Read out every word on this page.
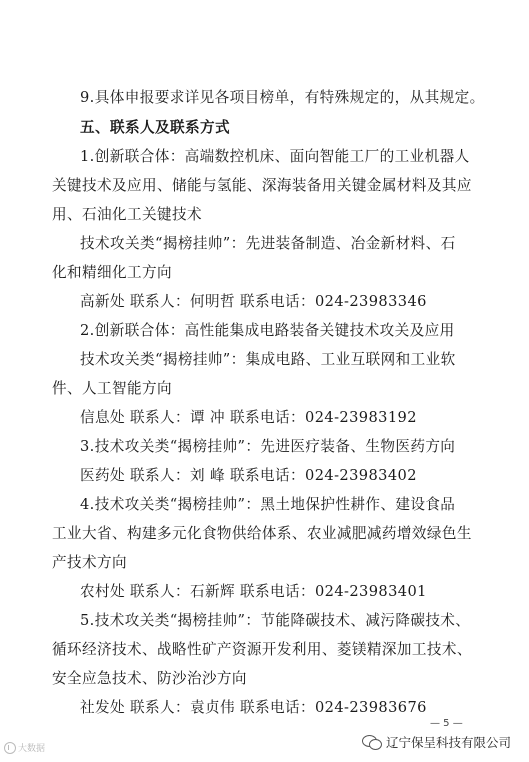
9.具体申报要求详见各项目榜单，有特殊规定的，从其规定。
五、联系人及联系方式
1.创新联合体：高端数控机床、面向智能工厂的工业机器人
关键技术及应用、储能与氢能、深海装备用关键金属材料及其应
用、石油化工关键技术
技术攻关类“揭榜挂帅”：先进装备制造、冶金新材料、石
化和精细化工方向
高新处 联系人：何明哲 联系电话：024-23983346
2.创新联合体：高性能集成电路装备关键技术攻关及应用
技术攻关类“揭榜挂帅”：集成电路、工业互联网和工业软
件、人工智能方向
信息处 联系人：谭 冲 联系电话：024-23983192
3.技术攻关类“揭榜挂帅”：先进医疗装备、生物医药方向
医药处 联系人：刘 峰 联系电话：024-23983402
4.技术攻关类“揭榜挂帅”：黑土地保护性耕作、建设食品
工业大省、构建多元化食物供给体系、农业减肥减药增效绿色生
产技术方向
农村处 联系人：石新辉 联系电话：024-23983401
5.技术攻关类“揭榜挂帅”：节能降碳技术、减污降碳技术、
循环经济技术、战略性矿产资源开发利用、菱镁精深加工技术、
安全应急技术、防沙治沙方向
社发处 联系人：袁贞伟 联系电话：024-23983676
— 5 —
大数据	辽宁保呈科技有限公司
